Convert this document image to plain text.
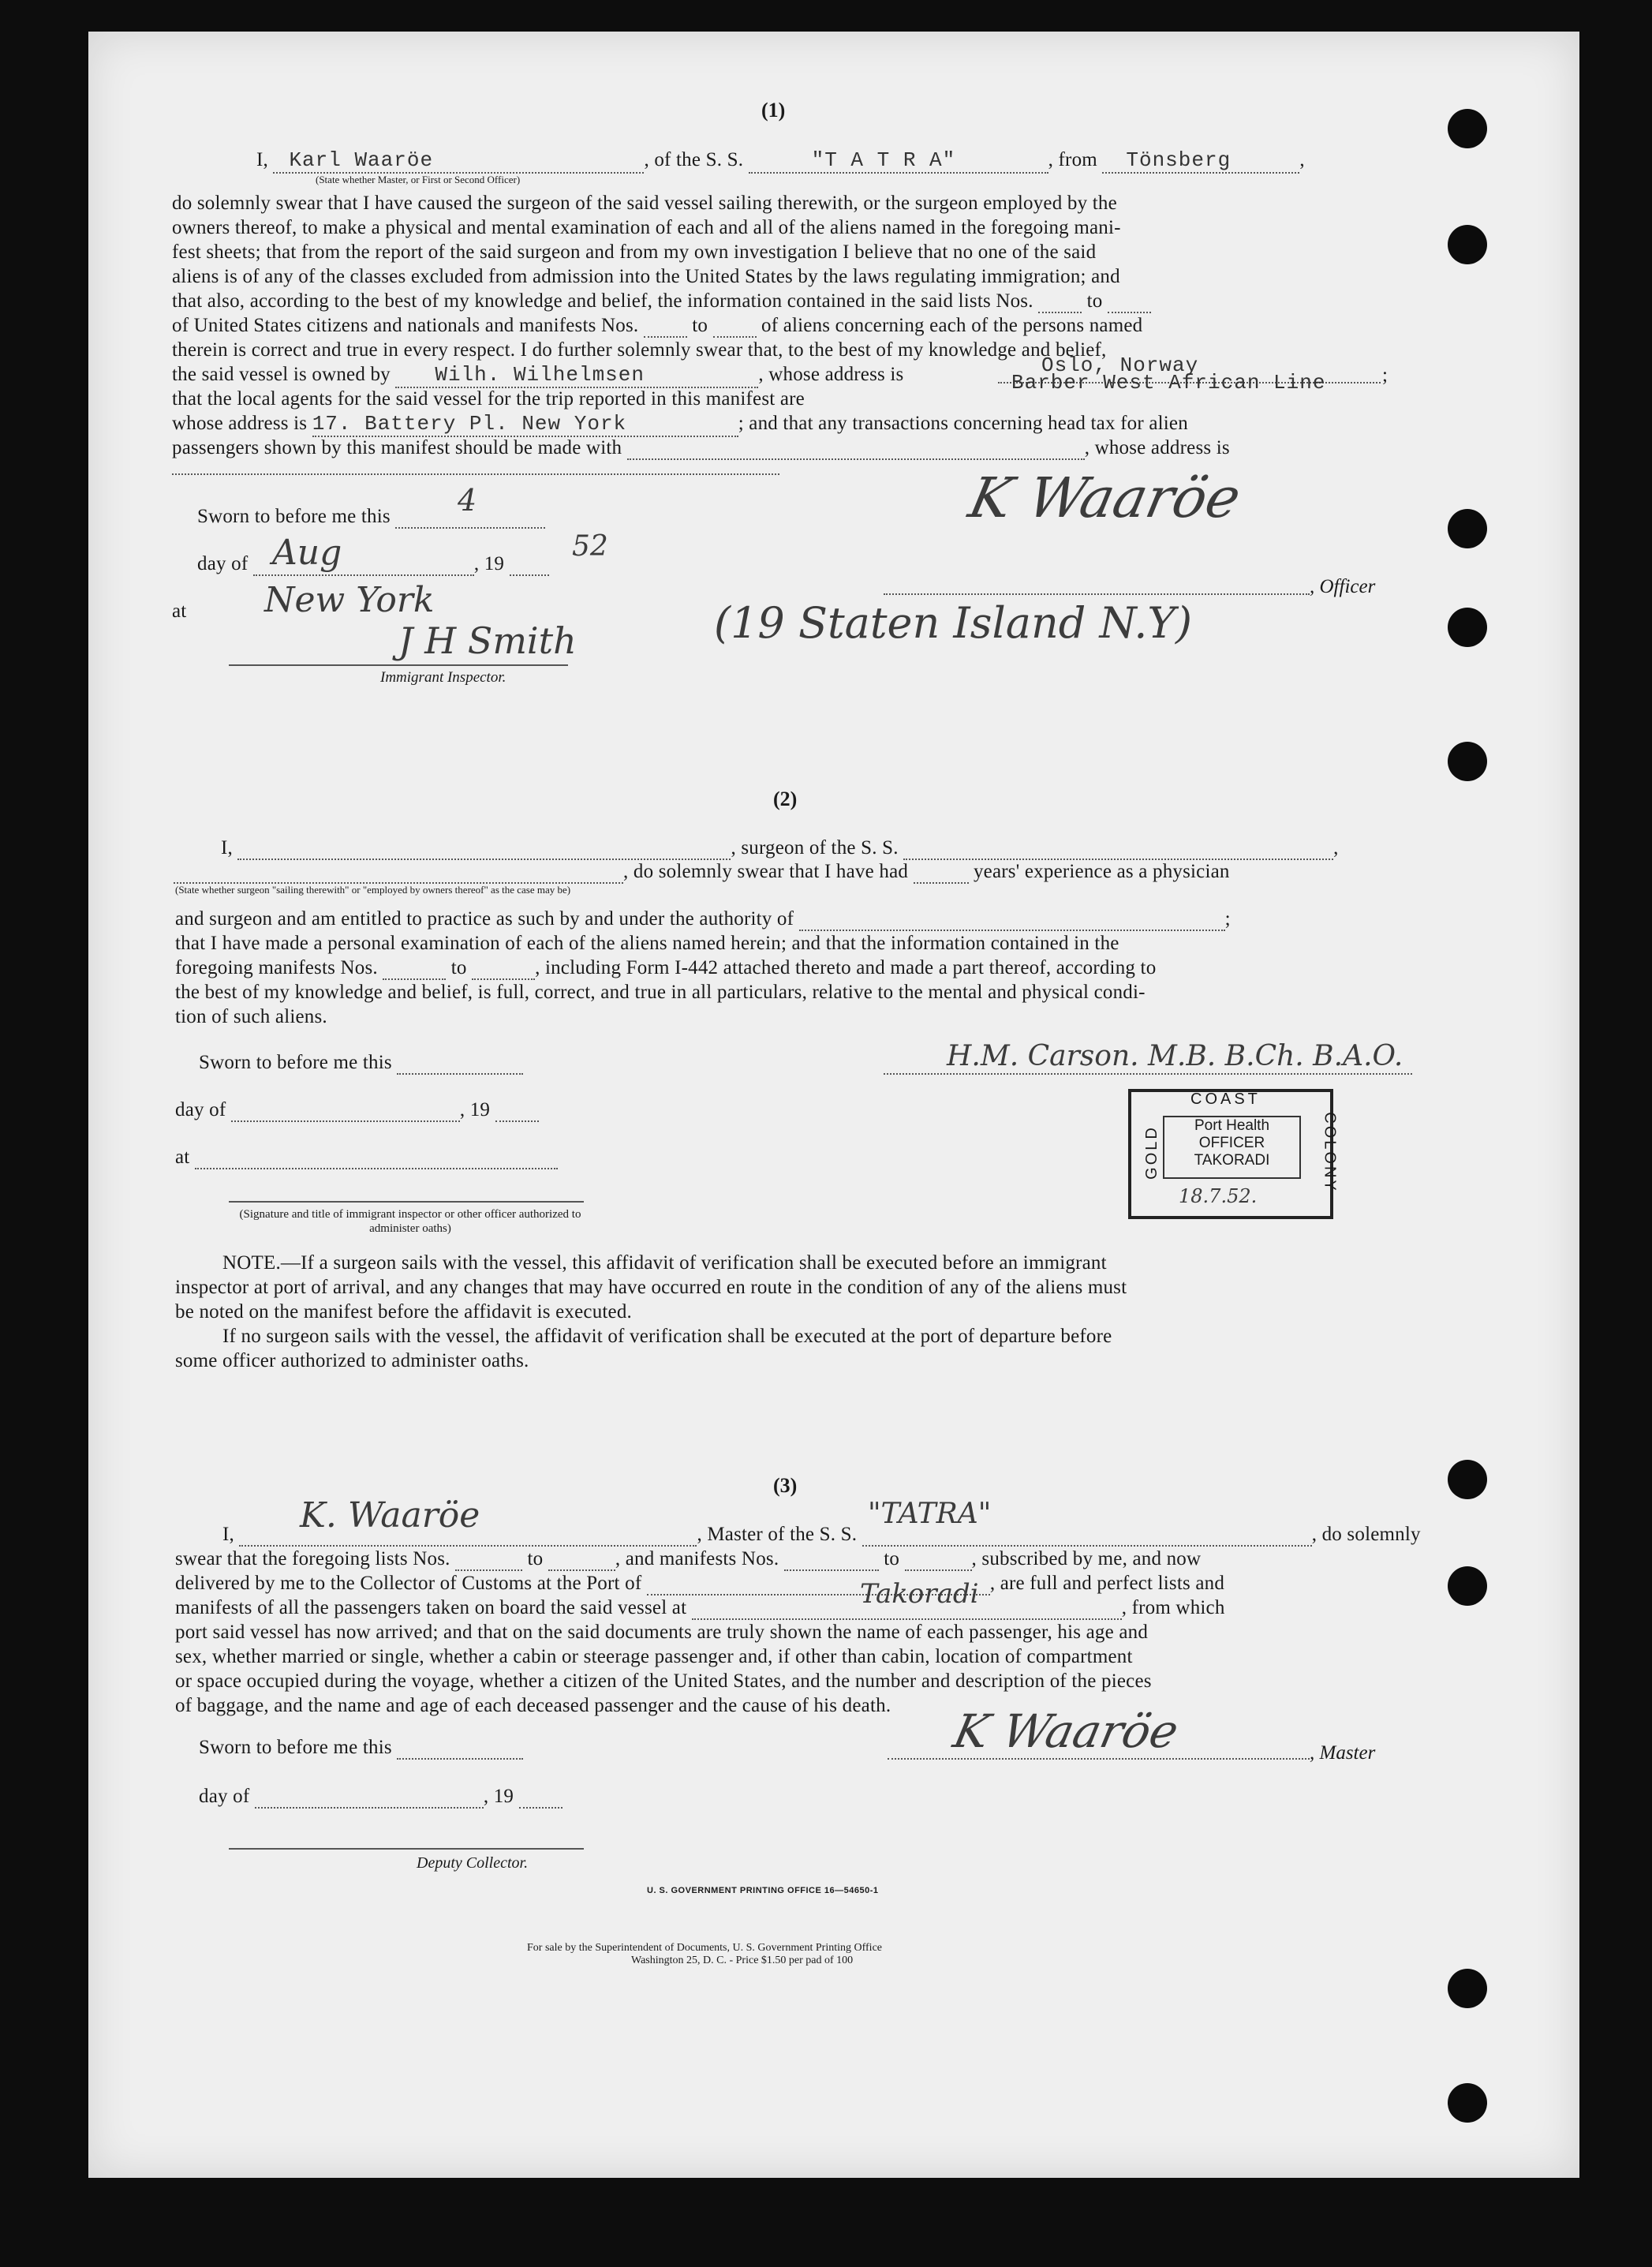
(1)
I, Karl Waaröe	, of the S. S.	"T A T R A"	, from Tönsberg	,
(State whether Master, or First or Second Officer)
do solemnly swear that I have caused the surgeon of the said vessel sailing therewith, or the surgeon employed by the
owners thereof, to make a physical and mental examination of each and all of the aliens named in the foregoing mani-
fest sheets; that from the report of the said surgeon and from my own investigation I believe that no one of the said
aliens is of any of the classes excluded from admission into the United States by the laws regulating immigration; and
that also, according to the best of my knowledge and belief, the information contained in the said lists Nos.	to
of United States citizens and nationals and manifests Nos.	to	of aliens concerning each of the persons named
therein is correct and true in every respect. I do further solemnly swear that, to the best of my knowledge and belief,
the said vessel is owned by Wilh. Wilhelmsen	, whose address is	Oslo, Norway	;
that the local agents for the said vessel for the trip reported in this manifest are
Barber West African Line
whose address is 17. Battery Pl. New York	; and that any transactions concerning head tax for alien
passengers shown by this manifest should be made with	, whose address is
Sworn to before me this	4	K Waaröe
day of	, 19
Aug	52
, Officer
at New York
J H Smith
Immigrant Inspector.
(19 Staten Island N.Y)
(2)
I,	, surgeon of the S. S.	,
, do solemnly swear that I have had	years' experience as a physician
(State whether surgeon "sailing therewith" or "employed by owners thereof" as the case may be)
and surgeon and am entitled to practice as such by and under the authority of	;
that I have made a personal examination of each of the aliens named herein; and that the information contained in the
foregoing manifests Nos.	to	, including Form I-442 attached thereto and made a part thereof, according to
the best of my knowledge and belief, is full, correct, and true in all particulars, relative to the mental and physical condi-
tion of such aliens.
Sworn to before me this	H.M. Carson. M.B. B.Ch. B.A.O.
day of	, 19
at
(Signature and title of immigrant inspector or other officer authorized to administer oaths)
COAST
GOLD	COLONY
Port Health
OFFICER
TAKORADI
18.7.52.
NOTE.—If a surgeon sails with the vessel, this affidavit of verification shall be executed before an immigrant
inspector at port of arrival, and any changes that may have occurred en route in the condition of any of the aliens must
be noted on the manifest before the affidavit is executed.
If no surgeon sails with the vessel, the affidavit of verification shall be executed at the port of departure before
some officer authorized to administer oaths.
(3)
I,	, Master of the S. S.	, do solemnly
K. Waaröe	"TATRA"
swear that the foregoing lists Nos.	to	, and manifests Nos.	to	, subscribed by me, and now
delivered by me to the Collector of Customs at the Port of	, are full and perfect lists and
manifests of all the passengers taken on board the said vessel at	, from which
Takoradi
port said vessel has now arrived; and that on the said documents are truly shown the name of each passenger, his age and
sex, whether married or single, whether a cabin or steerage passenger and, if other than cabin, location of compartment
or space occupied during the voyage, whether a citizen of the United States, and the number and description of the pieces
of baggage, and the name and age of each deceased passenger and the cause of his death.
Sworn to before me this	K Waaröe	, Master
day of	, 19
Deputy Collector.
U. S. GOVERNMENT PRINTING OFFICE 16—54650-1
For sale by the Superintendent of Documents, U. S. Government Printing Office
Washington 25, D. C. - Price $1.50 per pad of 100
